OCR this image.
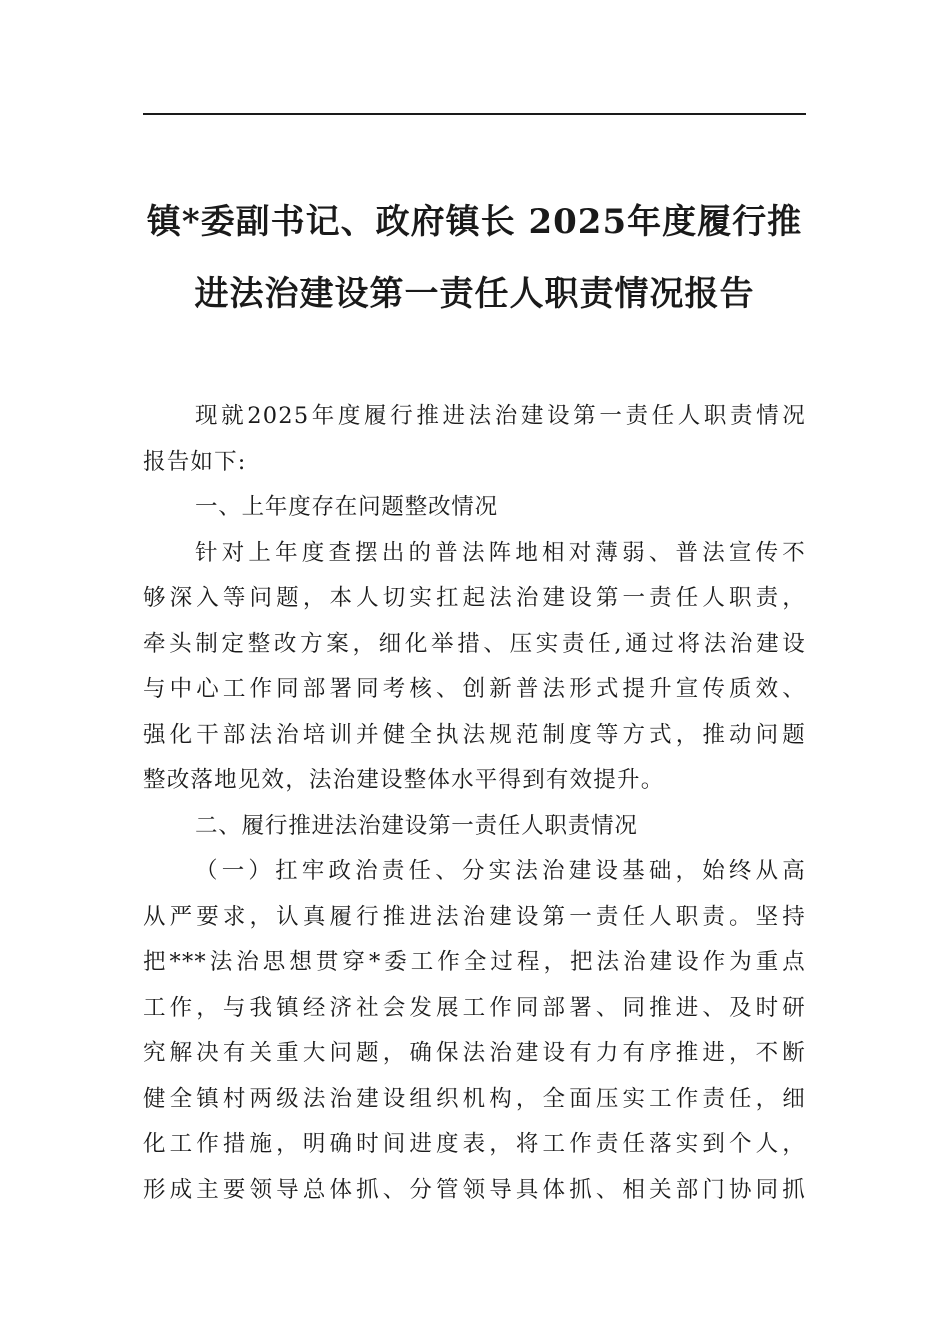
镇*委副书记、政府镇长 2025年度履行推
进法治建设第一责任人职责情况报告
现就2025年度履行推进法治建设第一责任人职责情况
报告如下:
一、上年度存在问题整改情况
针对上年度查摆出的普法阵地相对薄弱、普法宣传不
够深入等问题，本人切实扛起法治建设第一责任人职责，
牵头制定整改方案，细化举措、压实责任,通过将法治建设
与中心工作同部署同考核、创新普法形式提升宣传质效、
强化干部法治培训并健全执法规范制度等方式，推动问题
整改落地见效，法治建设整体水平得到有效提升。
二、履行推进法治建设第一责任人职责情况
（一）扛牢政治责任、分实法治建设基础，始终从高
从严要求，认真履行推进法治建设第一责任人职责。坚持
把***法治思想贯穿*委工作全过程，把法治建设作为重点
工作，与我镇经济社会发展工作同部署、同推进、及时研
究解决有关重大问题，确保法治建设有力有序推进，不断
健全镇村两级法治建设组织机构，全面压实工作责任，细
化工作措施，明确时间进度表，将工作责任落实到个人，
形成主要领导总体抓、分管领导具体抓、相关部门协同抓
